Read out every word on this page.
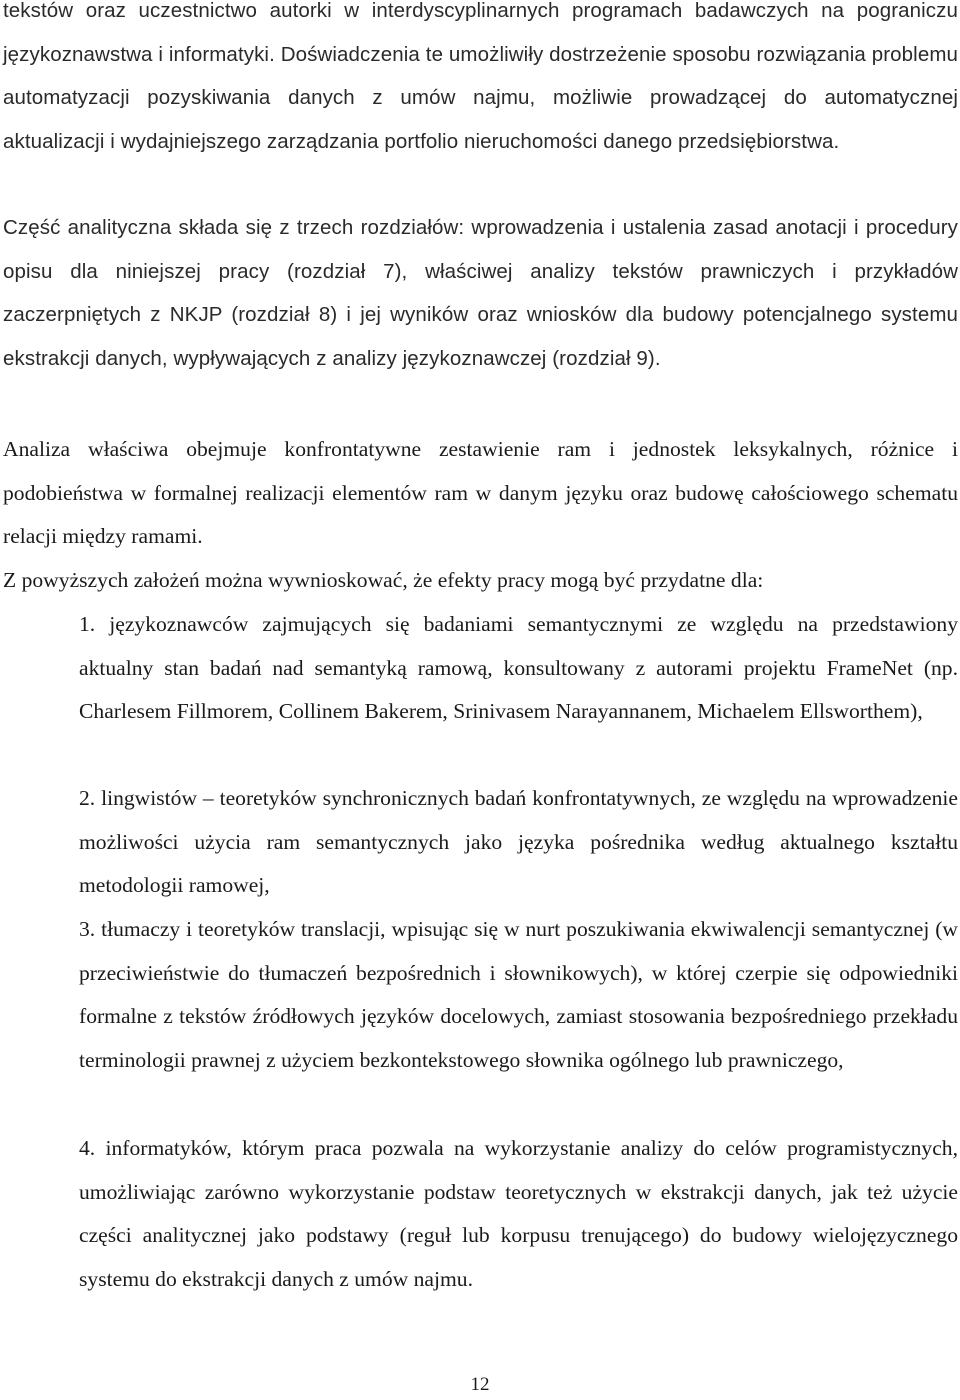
tekstów oraz uczestnictwo autorki w interdyscyplinarnych programach badawczych na pograniczu językoznawstwa i informatyki. Doświadczenia te umożliwiły dostrzeżenie sposobu rozwiązania problemu automatyzacji pozyskiwania danych z umów najmu, możliwie prowadzącej do automatycznej aktualizacji i wydajniejszego zarządzania portfolio nieruchomości danego przedsiębiorstwa.

Część analityczna składa się z trzech rozdziałów: wprowadzenia i ustalenia zasad anotacji i procedury opisu dla niniejszej pracy (rozdział 7), właściwej analizy tekstów prawniczych i przykładów zaczerpniętych z NKJP (rozdział 8) i jej wyników oraz wniosków dla budowy potencjalnego systemu ekstrakcji danych, wypływających z analizy językoznawczej (rozdział 9).

Analiza właściwa obejmuje konfrontatywne zestawienie ram i jednostek leksykalnych, różnice i podobieństwa w formalnej realizacji elementów ram w danym języku oraz budowę całościowego schematu relacji między ramami.

Z powyższych założeń można wywnioskować, że efekty pracy mogą być przydatne dla:

1. językoznawców zajmujących się badaniami semantycznymi ze względu na przedstawiony aktualny stan badań nad semantyką ramową, konsultowany z autorami projektu FrameNet (np. Charlesem Fillmorem, Collinem Bakerem, Srinivasem Narayannanem, Michaelem Ellsworthem),

2. lingwistów – teoretyków synchronicznych badań konfrontatywnych, ze względu na wprowadzenie możliwości użycia ram semantycznych jako języka pośrednika według aktualnego kształtu metodologii ramowej,

3. tłumaczy i teoretyków translacji, wpisując się w nurt poszukiwania ekwiwalencji semantycznej (w przeciwieństwie do tłumaczeń bezpośrednich i słownikowych), w której czerpie się odpowiedniki formalne z tekstów źródłowych języków docelowych, zamiast stosowania bezpośredniego przekładu terminologii prawnej z użyciem bezkontekstowego słownika ogólnego lub prawniczego,

4. informatyków, którym praca pozwala na wykorzystanie analizy do celów programistycznych, umożliwiając zarówno wykorzystanie podstaw teoretycznych w ekstrakcji danych, jak też użycie części analitycznej jako podstawy (reguł lub korpusu trenującego) do budowy wielojęzycznego systemu do ekstrakcji danych z umów najmu.

12
